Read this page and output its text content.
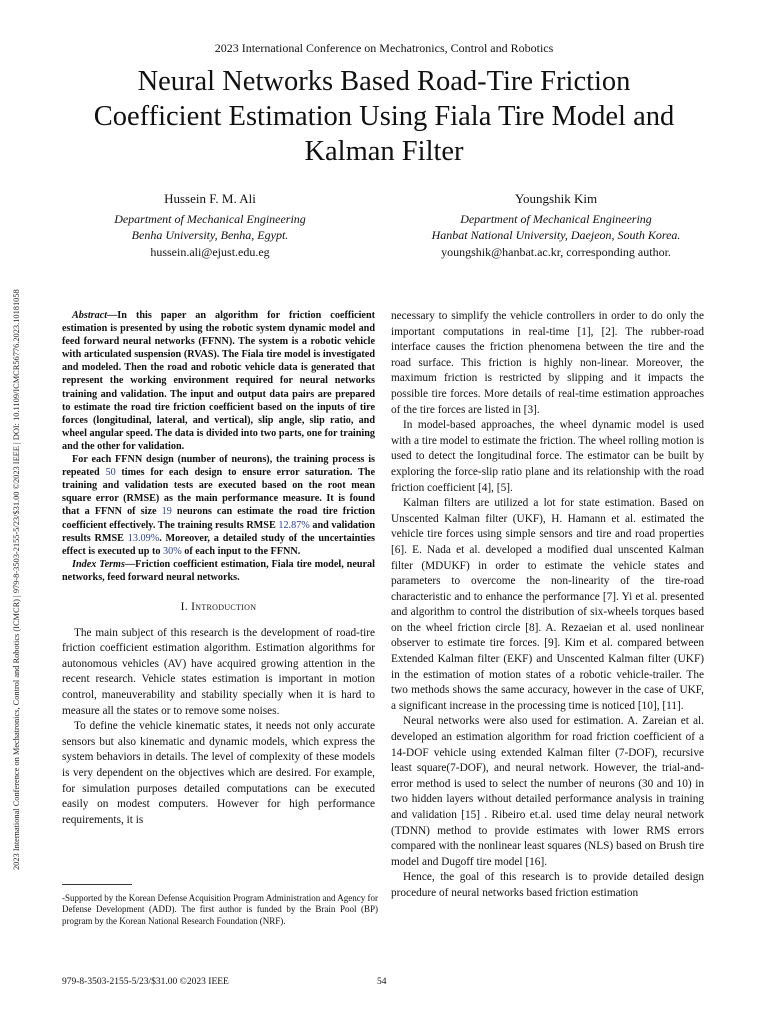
2023 International Conference on Mechatronics, Control and Robotics (ICMCR) | 979-8-3503-2155-5/23/$31.00 ©2023 IEEE | DOI: 10.1109/ICMCR56776.2023.10181058
2023 International Conference on Mechatronics, Control and Robotics
Neural Networks Based Road-Tire Friction
Coefficient Estimation Using Fiala Tire Model and
Kalman Filter
Hussein F. M. Ali
Department of Mechanical Engineering
Benha University, Benha, Egypt.
hussein.ali@ejust.edu.eg
Youngshik Kim
Department of Mechanical Engineering
Hanbat National University, Daejeon, South Korea.
youngshik@hanbat.ac.kr, corresponding author.

Abstract—In this paper an algorithm for friction coefficient estimation is presented by using the robotic system dynamic model and feed forward neural networks (FFNN). The system is a robotic vehicle with articulated suspension (RVAS). The Fiala tire model is investigated and modeled. Then the road and robotic vehicle data is generated that represent the working environment required for neural networks training and validation. The input and output data pairs are prepared to estimate the road tire friction coefficient based on the inputs of tire forces (longitudinal, lateral, and vertical), slip angle, slip ratio, and wheel angular speed. The data is divided into two parts, one for training and the other for validation.

For each FFNN design (number of neurons), the training process is repeated 50 times for each design to ensure error saturation. The training and validation tests are executed based on the root mean square error (RMSE) as the main performance measure. It is found that a FFNN of size 19 neurons can estimate the road tire friction coefficient effectively. The training results RMSE 12.87% and validation results RMSE 13.09%. Moreover, a detailed study of the uncertainties effect is executed up to 30% of each input to the FFNN.

Index Terms—Friction coefficient estimation, Fiala tire model, neural networks, feed forward neural networks.

I. Introduction

The main subject of this research is the development of road-tire friction coefficient estimation algorithm. Estimation algorithms for autonomous vehicles (AV) have acquired growing attention in the recent research. Vehicle states estimation is important in motion control, maneuverability and stability specially when it is hard to measure all the states or to remove some noises.

To define the vehicle kinematic states, it needs not only accurate sensors but also kinematic and dynamic models, which express the system behaviors in details. The level of complexity of these models is very dependent on the objectives which are desired. For example, for simulation purposes detailed computations can be executed easily on modest computers. However for high performance requirements, it is

necessary to simplify the vehicle controllers in order to do only the important computations in real-time [1], [2]. The rubber-road interface causes the friction phenomena between the tire and the road surface. This friction is highly non-linear. Moreover, the maximum friction is restricted by slipping and it impacts the possible tire forces. More details of real-time estimation approaches of the tire forces are listed in [3].

In model-based approaches, the wheel dynamic model is used with a tire model to estimate the friction. The wheel rolling motion is used to detect the longitudinal force. The estimator can be built by exploring the force-slip ratio plane and its relationship with the road friction coefficient [4], [5].

Kalman filters are utilized a lot for state estimation. Based on Unscented Kalman filter (UKF), H. Hamann et al. estimated the vehicle tire forces using simple sensors and tire and road properties [6]. E. Nada et al. developed a modified dual unscented Kalman filter (MDUKF) in order to estimate the vehicle states and parameters to overcome the non-linearity of the tire-road characteristic and to enhance the performance [7]. Yi et al. presented and algorithm to control the distribution of six-wheels torques based on the wheel friction circle [8]. A. Rezaeian et al. used nonlinear observer to estimate tire forces. [9]. Kim et al. compared between Extended Kalman filter (EKF) and Unscented Kalman filter (UKF) in the estimation of motion states of a robotic vehicle-trailer. The two methods shows the same accuracy, however in the case of UKF, a significant increase in the processing time is noticed [10], [11].

Neural networks were also used for estimation. A. Zareian et al. developed an estimation algorithm for road friction coefficient of a 14-DOF vehicle using extended Kalman filter (7-DOF), recursive least square(7-DOF), and neural network. However, the trial-and-error method is used to select the number of neurons (30 and 10) in two hidden layers without detailed performance analysis in training and validation [15] . Ribeiro et.al. used time delay neural network (TDNN) method to provide estimates with lower RMS errors compared with the nonlinear least squares (NLS) based on Brush tire model and Dugoff tire model [16].

Hence, the goal of this research is to provide detailed design procedure of neural networks based friction estimation

-Supported by the Korean Defense Acquisition Program Administration and Agency for Defense Development (ADD). The first author is funded by the Brain Pool (BP) program by the Korean National Research Foundation (NRF).
979-8-3503-2155-5/23/$31.00 ©2023 IEEE	54
